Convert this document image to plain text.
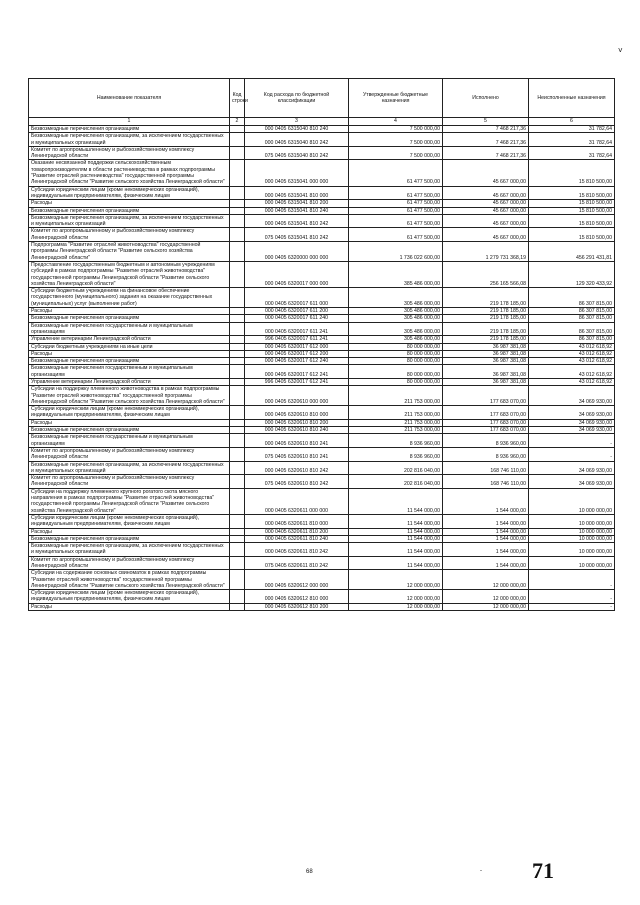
˅
Наименование показателя	Код строки	Код расхода по бюджетной классификации	Утвержденные бюджетные назначения	Исполнено	Неисполненные назначения
1	2	3	4	5	6
Безвозмездные перечисления организациям		000 0405 6315040 810 240	7 500 000,00	7 468 217,36	31 782,64
Безвозмездные перечисления организациям, за исключением государственных и муниципальных организаций		000 0405 6315040 810 242	7 500 000,00	7 468 217,36	31 782,64
Комитет по агропромышленному и рыбохозяйственному комплексу Ленинградской области		075 0405 6315040 810 242	7 500 000,00	7 468 217,36	31 782,64
Оказание несвязанной поддержки сельскохозяйственным товаропроизводителям в области растениеводства в рамках подпрограммы "Развитие отраслей растениеводства" государственной программы Ленинградской области "Развитие сельского хозяйства Ленинградской области"		000 0405 6315041 000 000	61 477 500,00	45 667 000,00	15 810 500,00
Субсидии юридическим лицам (кроме некоммерческих организаций), индивидуальным предпринимателям, физическим лицам		000 0405 6315041 810 000	61 477 500,00	45 667 000,00	15 810 500,00
Расходы		000 0405 6315041 810 200	61 477 500,00	45 667 000,00	15 810 500,00
Безвозмездные перечисления организациям		000 0405 6315041 810 240	61 477 500,00	45 667 000,00	15 810 500,00
Безвозмездные перечисления организациям, за исключением государственных и муниципальных организаций		000 0405 6315041 810 242	61 477 500,00	45 667 000,00	15 810 500,00
Комитет по агропромышленному и рыбохозяйственному комплексу Ленинградской области		075 0405 6315041 810 242	61 477 500,00	45 667 000,00	15 810 500,00
Подпрограмма "Развитие отраслей животноводства" государственной программы Ленинградской области "Развитие сельского хозяйства Ленинградской области"		000 0405 6320000 000 000	1 736 022 600,00	1 279 731 368,19	456 291 431,81
Предоставление государственным бюджетным и автономным учреждениям субсидий в рамках подпрограммы "Развитие отраслей животноводства" государственной программы Ленинградской области "Развитие сельского хозяйства Ленинградской области"		000 0405 6320017 000 000	385 486 000,00	256 165 566,08	129 320 433,92
Субсидии бюджетным учреждениям на финансовое обеспечение государственного (муниципального) задания на оказание государственных (муниципальных) услуг (выполнение работ)		000 0405 6320017 611 000	305 486 000,00	219 178 185,00	86 307 815,00
Расходы		000 0405 6320017 611 200	305 486 000,00	219 178 185,00	86 307 815,00
Безвозмездные перечисления организациям		000 0405 6320017 611 240	305 486 000,00	219 178 185,00	86 307 815,00
Безвозмездные перечисления государственным и муниципальным организациям		000 0405 6320017 611 241	305 486 000,00	219 178 185,00	86 307 815,00
Управление ветеринарии Ленинградской области		996 0405 6320017 611 241	305 486 000,00	219 178 185,00	86 307 815,00
Субсидии бюджетным учреждениям на иные цели		000 0405 6320017 612 000	80 000 000,00	36 987 381,08	43 012 618,92
Расходы		000 0405 6320017 612 200	80 000 000,00	36 987 381,08	43 012 618,92
Безвозмездные перечисления организациям		000 0405 6320017 612 240	80 000 000,00	36 987 381,08	43 012 618,92
Безвозмездные перечисления государственным и муниципальным организациям		000 0405 6320017 612 241	80 000 000,00	36 987 381,08	43 012 618,92
Управление ветеринарии Ленинградской области		996 0405 6320017 612 241	80 000 000,00	36 987 381,08	43 012 618,92
Субсидии на поддержку племенного животноводства в рамках подпрограммы "Развитие отраслей животноводства" государственной программы Ленинградской области "Развитие сельского хозяйства Ленинградской области"		000 0405 6320610 000 000	211 753 000,00	177 683 070,00	34 069 930,00
Субсидии юридическим лицам (кроме некоммерческих организаций), индивидуальным предпринимателям, физическим лицам		000 0405 6320610 810 000	211 753 000,00	177 683 070,00	34 069 930,00
Расходы		000 0405 6320610 810 200	211 753 000,00	177 683 070,00	34 069 930,00
Безвозмездные перечисления организациям		000 0405 6320610 810 240	211 753 000,00	177 683 070,00	34 069 930,00
Безвозмездные перечисления государственным и муниципальным организациям		000 0405 6320610 810 241	8 936 960,00	8 936 960,00	-
Комитет по агропромышленному и рыбохозяйственному комплексу Ленинградской области		075 0405 6320610 810 241	8 936 960,00	8 936 960,00	-
Безвозмездные перечисления организациям, за исключением государственных и муниципальных организаций		000 0405 6320610 810 242	202 816 040,00	168 746 110,00	34 069 930,00
Комитет по агропромышленному и рыбохозяйственному комплексу Ленинградской области		075 0405 6320610 810 242	202 816 040,00	168 746 110,00	34 069 930,00
Субсидии на поддержку племенного крупного рогатого скота мясного направления в рамках подпрограммы "Развитие отраслей животноводства" государственной программы Ленинградской области "Развитие сельского хозяйства Ленинградской области"		000 0405 6320611 000 000	11 544 000,00	1 544 000,00	10 000 000,00
Субсидии юридическим лицам (кроме некоммерческих организаций), индивидуальным предпринимателям, физическим лицам		000 0405 6320611 810 000	11 544 000,00	1 544 000,00	10 000 000,00
Расходы		000 0405 6320611 810 200	11 544 000,00	1 544 000,00	10 000 000,00
Безвозмездные перечисления организациям		000 0405 6320611 810 240	11 544 000,00	1 544 000,00	10 000 000,00
Безвозмездные перечисления организациям, за исключением государственных и муниципальных организаций		000 0405 6320611 810 242	11 544 000,00	1 544 000,00	10 000 000,00
Комитет по агропромышленному и рыбохозяйственному комплексу Ленинградской области		075 0405 6320611 810 242	11 544 000,00	1 544 000,00	10 000 000,00
Субсидии на содержание основных свиноматок в рамках подпрограммы "Развитие отраслей животноводства" государственной программы Ленинградской области "Развитие сельского хозяйства Ленинградской области"		000 0405 6320612 000 000	12 000 000,00	12 000 000,00	-
Субсидии юридическим лицам (кроме некоммерческих организаций), индивидуальным предпринимателям, физическим лицам		000 0405 6320612 810 000	12 000 000,00	12 000 000,00	-
Расходы		000 0405 6320612 810 200	12 000 000,00	12 000 000,00	-
68	- 71
